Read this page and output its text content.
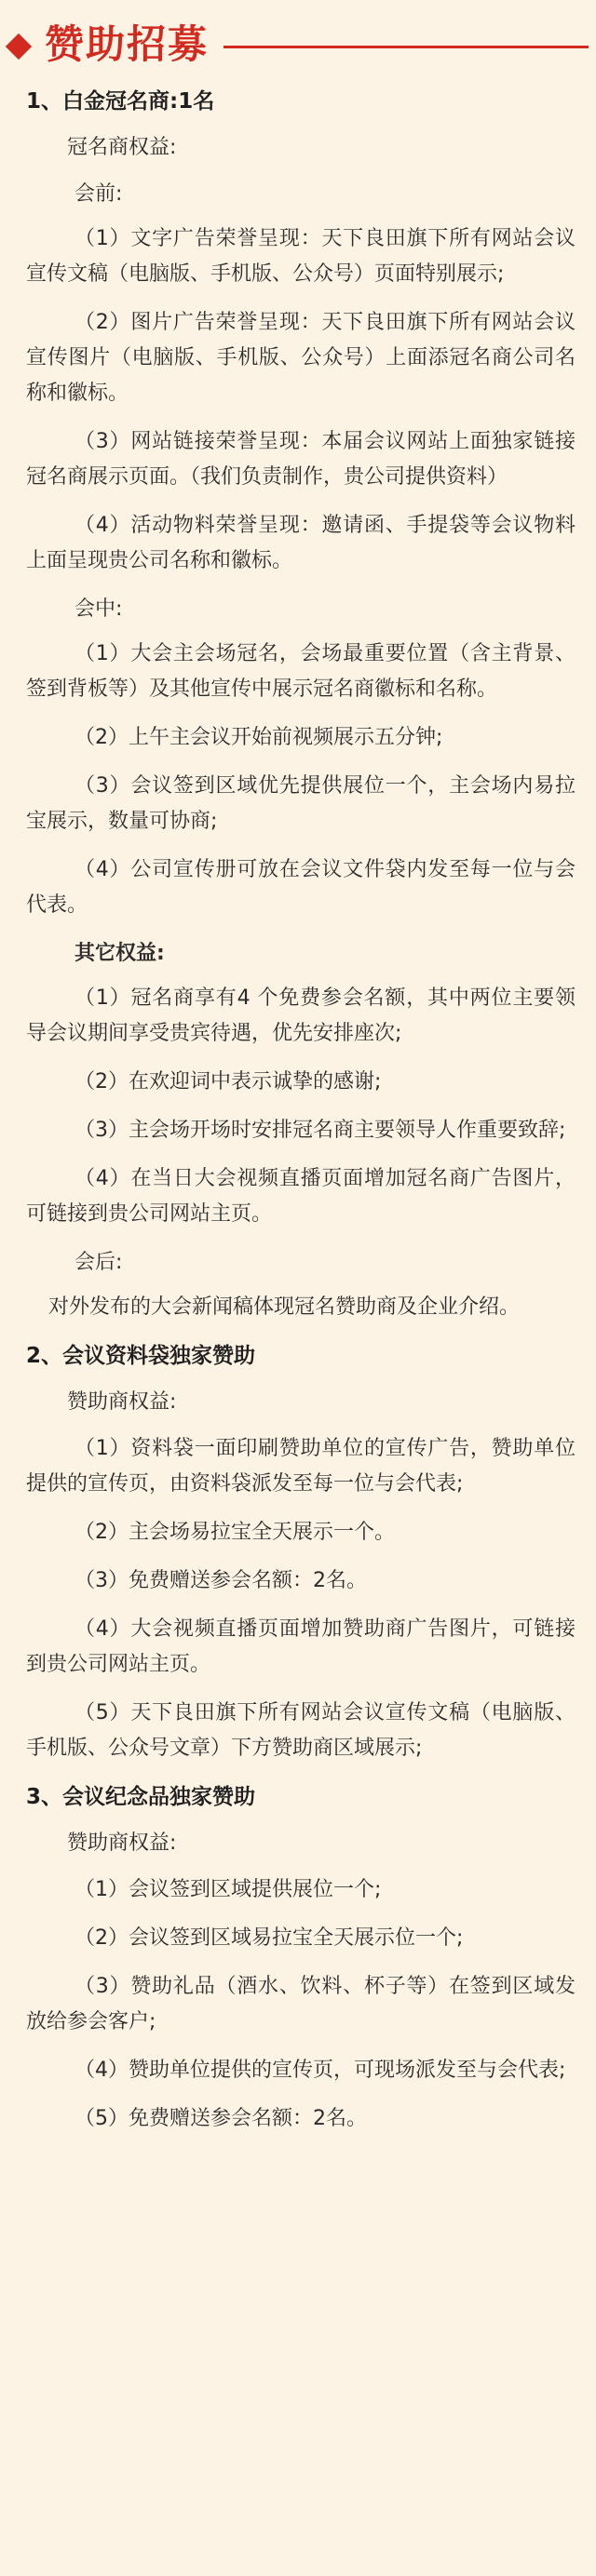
赞助招募

1、白金冠名商:1名

冠名商权益:

会前:

（1）文字广告荣誉呈现：天下良田旗下所有网站会议宣传文稿（电脑版、手机版、公众号）页面特别展示;

（2）图片广告荣誉呈现：天下良田旗下所有网站会议宣传图片（电脑版、手机版、公众号）上面添冠名商公司名称和徽标。

（3）网站链接荣誉呈现：本届会议网站上面独家链接冠名商展示页面。（我们负责制作，贵公司提供资料）

（4）活动物料荣誉呈现：邀请函、手提袋等会议物料上面呈现贵公司名称和徽标。

会中:

（1）大会主会场冠名，会场最重要位置（含主背景、签到背板等）及其他宣传中展示冠名商徽标和名称。

（2）上午主会议开始前视频展示五分钟;

（3）会议签到区域优先提供展位一个，主会场内易拉宝展示，数量可协商;

（4）公司宣传册可放在会议文件袋内发至每一位与会代表。

其它权益:

（1）冠名商享有4 个免费参会名额，其中两位主要领导会议期间享受贵宾待遇，优先安排座次;

（2）在欢迎词中表示诚挚的感谢;

（3）主会场开场时安排冠名商主要领导人作重要致辞;

（4）在当日大会视频直播页面增加冠名商广告图片，可链接到贵公司网站主页。

会后:

对外发布的大会新闻稿体现冠名赞助商及企业介绍。

2、会议资料袋独家赞助

赞助商权益:

（1）资料袋一面印刷赞助单位的宣传广告，赞助单位提供的宣传页，由资料袋派发至每一位与会代表;

（2）主会场易拉宝全天展示一个。

（3）免费赠送参会名额：2名。

（4）大会视频直播页面增加赞助商广告图片，可链接到贵公司网站主页。

（5）天下良田旗下所有网站会议宣传文稿（电脑版、手机版、公众号文章）下方赞助商区域展示;

3、会议纪念品独家赞助

赞助商权益:

（1）会议签到区域提供展位一个;

（2）会议签到区域易拉宝全天展示位一个;

（3）赞助礼品（酒水、饮料、杯子等）在签到区域发放给参会客户;

（4）赞助单位提供的宣传页，可现场派发至与会代表;

（5）免费赠送参会名额：2名。
